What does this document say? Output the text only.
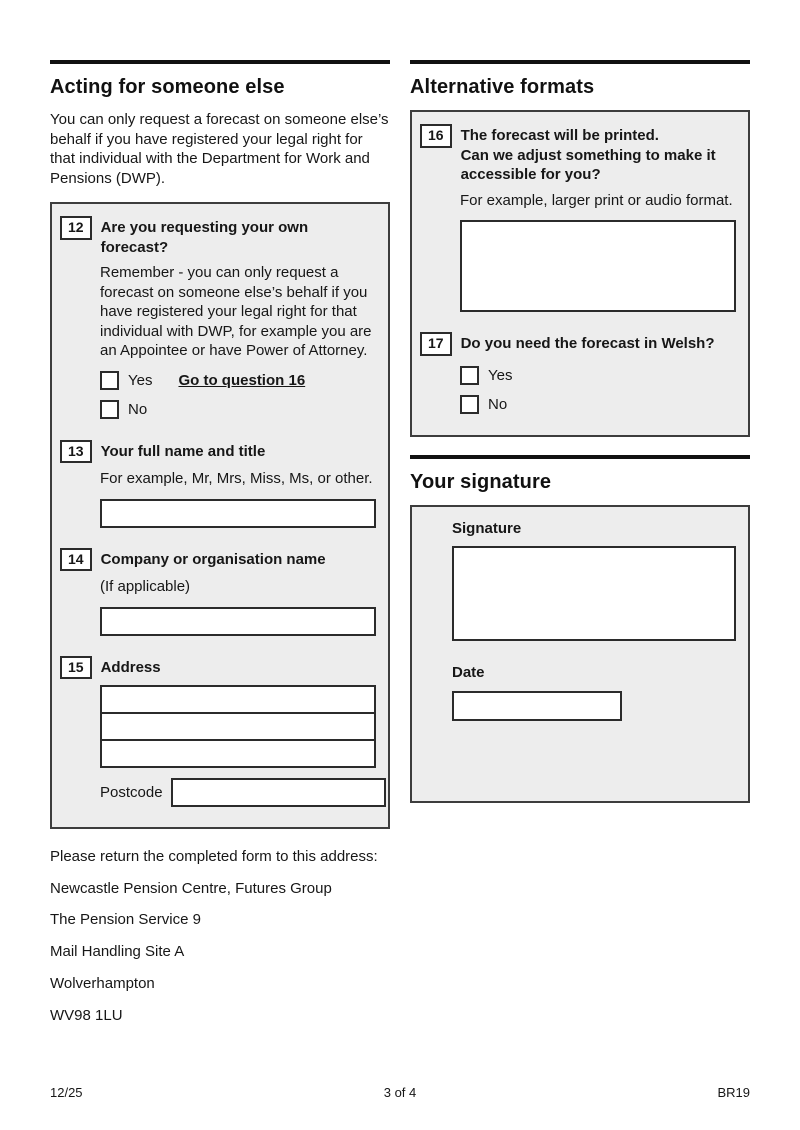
Acting for someone else

You can only request a forecast on someone else’s behalf if you have registered your legal right for that individual with the Department for Work and Pensions (DWP).

12	Are you requesting your own forecast?

Remember - you can only request a forecast on someone else’s behalf if you have registered your legal right for that individual with DWP, for example you are an Appointee or have Power of Attorney.

Yes Go to question 16
No
13	Your full name and title

For example, Mr, Mrs, Miss, Ms, or other.

14	Company or organisation name

(If applicable)

15	Address
Postcode

Please return the completed form to this address:

Newcastle Pension Centre, Futures Group

The Pension Service 9

Mail Handling Site A

Wolverhampton

WV98 1LU

Alternative formats
16	The forecast will be printed.
Can we adjust something to make it
accessible for you?

For example, larger print or audio format.

17	Do you need the forecast in Welsh?
Yes
No
Your signature

Signature

Date

3 of 4
12/25	BR19
